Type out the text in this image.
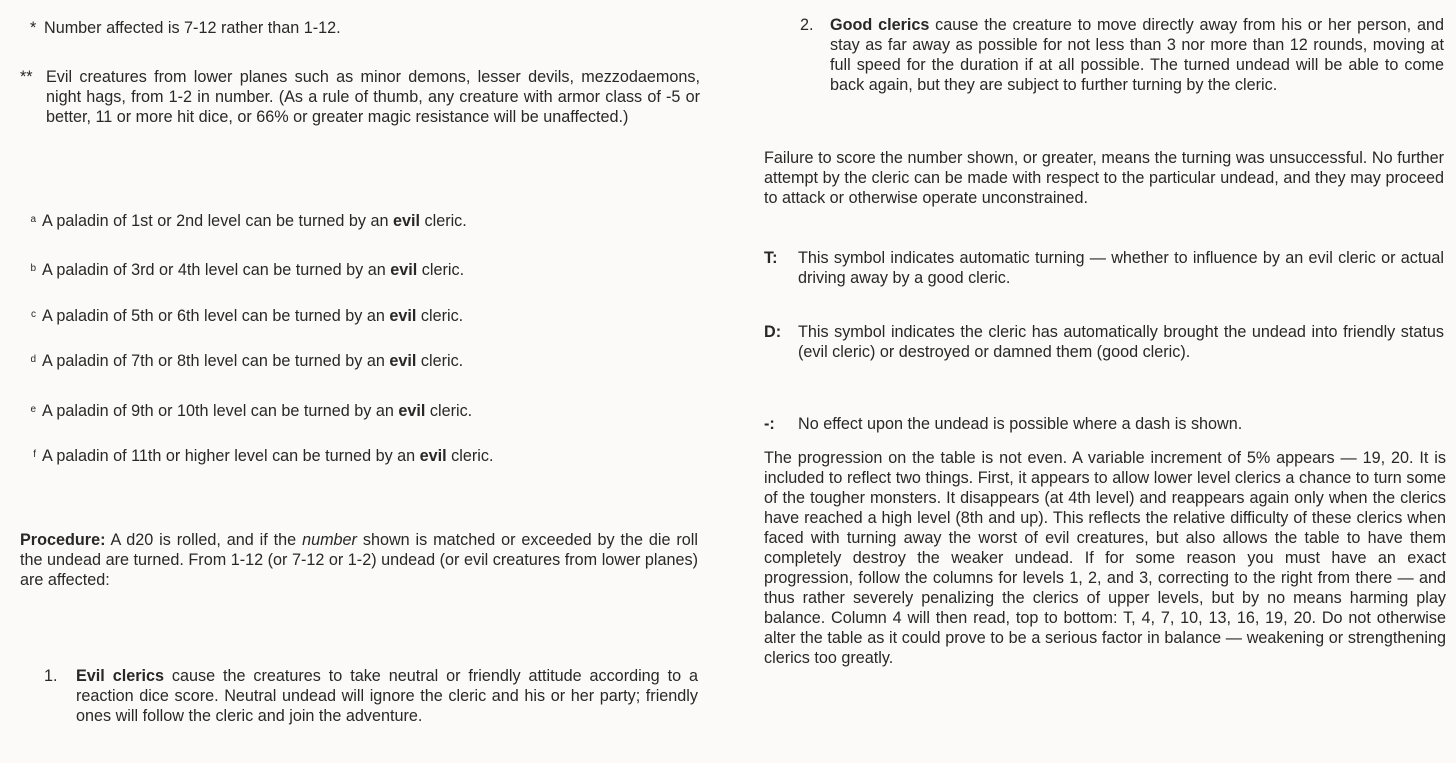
* Number affected is 7-12 rather than 1-12.
** Evil creatures from lower planes such as minor demons, lesser devils, mezzodaemons, night hags, from 1-2 in number. (As a rule of thumb, any creature with armor class of -5 or better, 11 or more hit dice, or 66% or greater magic resistance will be unaffected.)
a A paladin of 1st or 2nd level can be turned by an evil cleric.
b A paladin of 3rd or 4th level can be turned by an evil cleric.
c A paladin of 5th or 6th level can be turned by an evil cleric.
d A paladin of 7th or 8th level can be turned by an evil cleric.
e A paladin of 9th or 10th level can be turned by an evil cleric.
f A paladin of 11th or higher level can be turned by an evil cleric.

Procedure: A d20 is rolled, and if the number shown is matched or exceeded by the die roll the undead are turned. From 1-12 (or 7-12 or 1-2) undead (or evil creatures from lower planes) are affected:

1.	Evil clerics cause the creatures to take neutral or friendly attitude according to a reaction dice score. Neutral undead will ignore the cleric and his or her party; friendly ones will follow the cleric and join the adventure.
2.	Good clerics cause the creature to move directly away from his or her person, and stay as far away as possible for not less than 3 nor more than 12 rounds, moving at full speed for the duration if at all possible. The turned undead will be able to come back again, but they are subject to further turning by the cleric.

Failure to score the number shown, or greater, means the turning was unsuccessful. No further attempt by the cleric can be made with respect to the particular undead, and they may proceed to attack or otherwise operate unconstrained.

T:	This symbol indicates automatic turning — whether to influence by an evil cleric or actual driving away by a good cleric.
D:	This symbol indicates the cleric has automatically brought the undead into friendly status (evil cleric) or destroyed or damned them (good cleric).
-:	No effect upon the undead is possible where a dash is shown.

The progression on the table is not even. A variable increment of 5% appears — 19, 20. It is included to reflect two things. First, it appears to allow lower level clerics a chance to turn some of the tougher monsters. It disappears (at 4th level) and reappears again only when the clerics have reached a high level (8th and up). This reflects the relative difficulty of these clerics when faced with turning away the worst of evil creatures, but also allows the table to have them completely destroy the weaker undead. If for some reason you must have an exact progression, follow the columns for levels 1, 2, and 3, correcting to the right from there — and thus rather severely penalizing the clerics of upper levels, but by no means harming play balance. Column 4 will then read, top to bottom: T, 4, 7, 10, 13, 16, 19, 20. Do not otherwise alter the table as it could prove to be a serious factor in balance — weakening or strengthening clerics too greatly.
